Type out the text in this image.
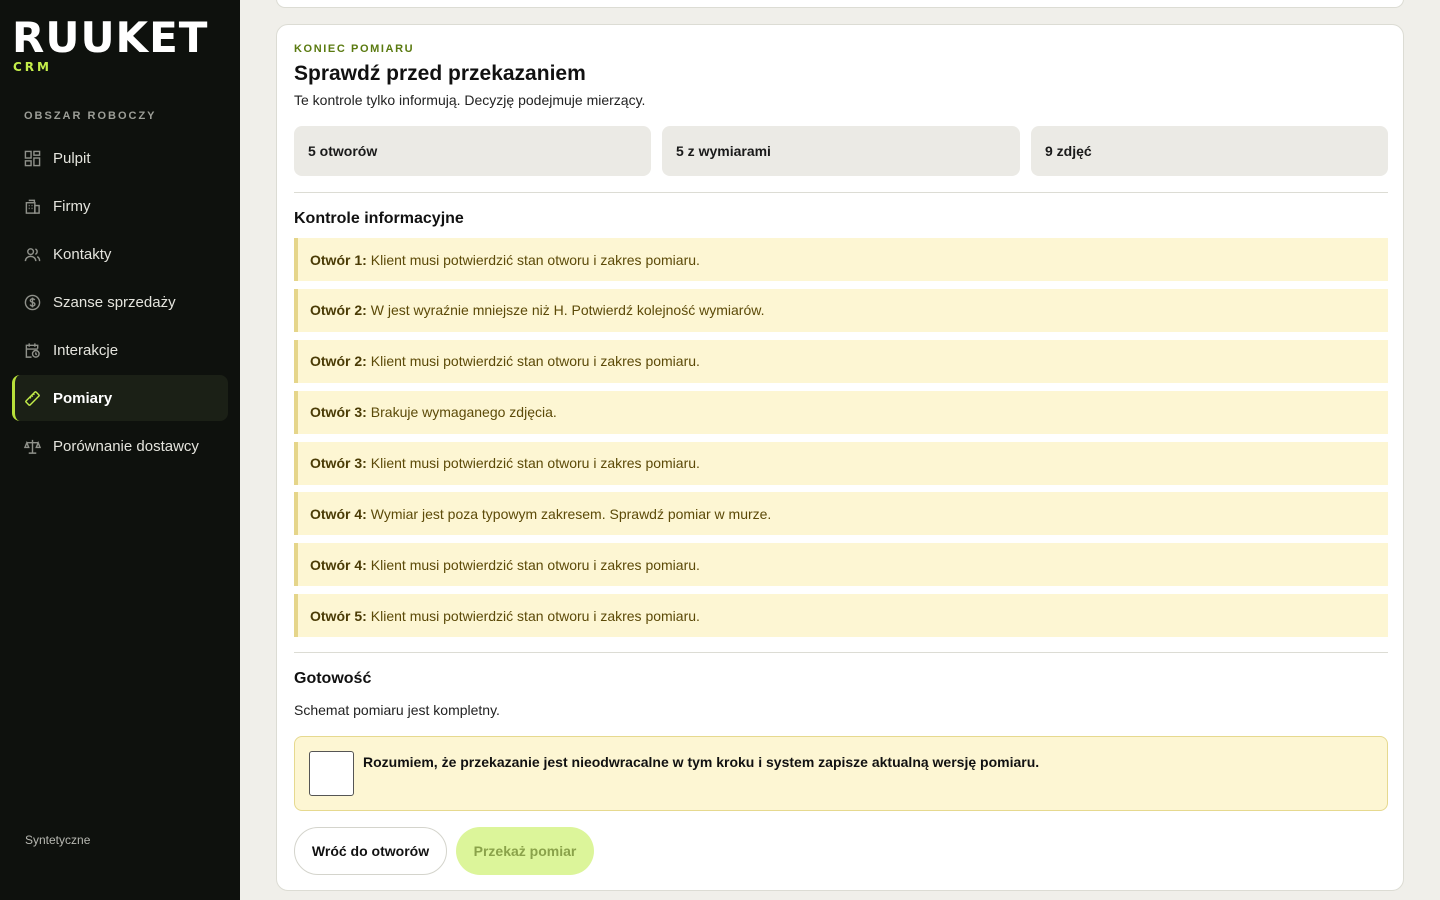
RUUKET
CRM
OBSZAR ROBOCZY
Pulpit
Firmy
Kontakty
Szanse sprzedaży
Interakcje
Pomiary
Porównanie dostawcy
Syntetyczne
KONIEC POMIARU
Sprawdź przed przekazaniem

Te kontrole tylko informują. Decyzję podejmuje mierzący.

5 otworów	5 z wymiarami	9 zdjęć
Kontrole informacyjne
Otwór 1: Klient musi potwierdzić stan otworu i zakres pomiaru.
Otwór 2: W jest wyraźnie mniejsze niż H. Potwierdź kolejność wymiarów.
Otwór 2: Klient musi potwierdzić stan otworu i zakres pomiaru.
Otwór 3: Brakuje wymaganego zdjęcia.
Otwór 3: Klient musi potwierdzić stan otworu i zakres pomiaru.
Otwór 4: Wymiar jest poza typowym zakresem. Sprawdź pomiar w murze.
Otwór 4: Klient musi potwierdzić stan otworu i zakres pomiaru.
Otwór 5: Klient musi potwierdzić stan otworu i zakres pomiaru.
Gotowość

Schemat pomiaru jest kompletny.

Rozumiem, że przekazanie jest nieodwracalne w tym kroku i system zapisze aktualną wersję pomiaru.
Wróć do otworów	Przekaż pomiar
